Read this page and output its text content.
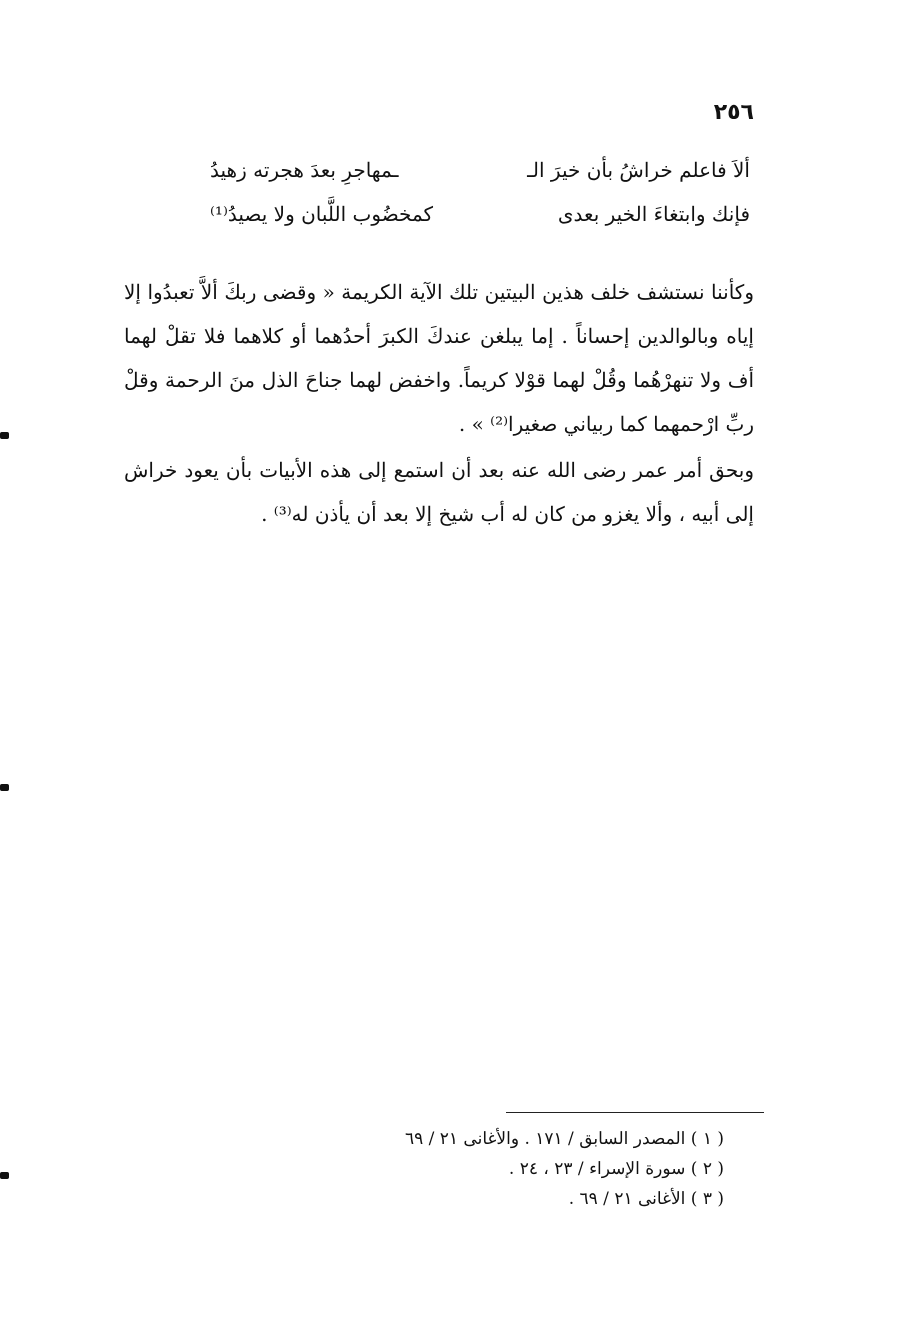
٢٥٦
ألاَ فاعلم خراشُ بأن خيرَ الـ
ـمهاجرِ بعدَ هجرته زهيدُ
فإنك وابتغاءَ الخير بعدى
كمخضُوب اللَّبان ولا يصيدُ⁽¹⁾

وكأننا نستشف خلف هذين البيتين تلك الآية الكريمة « وقضى ربكَ ألاَّ تعبدُوا إلا إياه وبالوالدين إحساناً . إما يبلغن عندكَ الكبرَ أحدُهما أو كلاهما فلا تقلْ لهما أف ولا تنهرْهُما وقُلْ لهما قوْلا كريماً. واخفض لهما جناحَ الذل منَ الرحمة وقلْ ربِّ ارْحمهما كما ربياني صغيرا⁽²⁾ » .

وبحق أمر عمر رضى الله عنه بعد أن استمع إلى هذه الأبيات بأن يعود خراش إلى أبيه ، وألا يغزو من كان له أب شيخ إلا بعد أن يأذن له⁽³⁾ .

( ١ ) المصدر السابق / ١٧١ . والأغانى ٢١ / ٦٩
( ٢ ) سورة الإسراء / ٢٣ ، ٢٤ .
( ٣ ) الأغانى ٢١ / ٦٩ .
